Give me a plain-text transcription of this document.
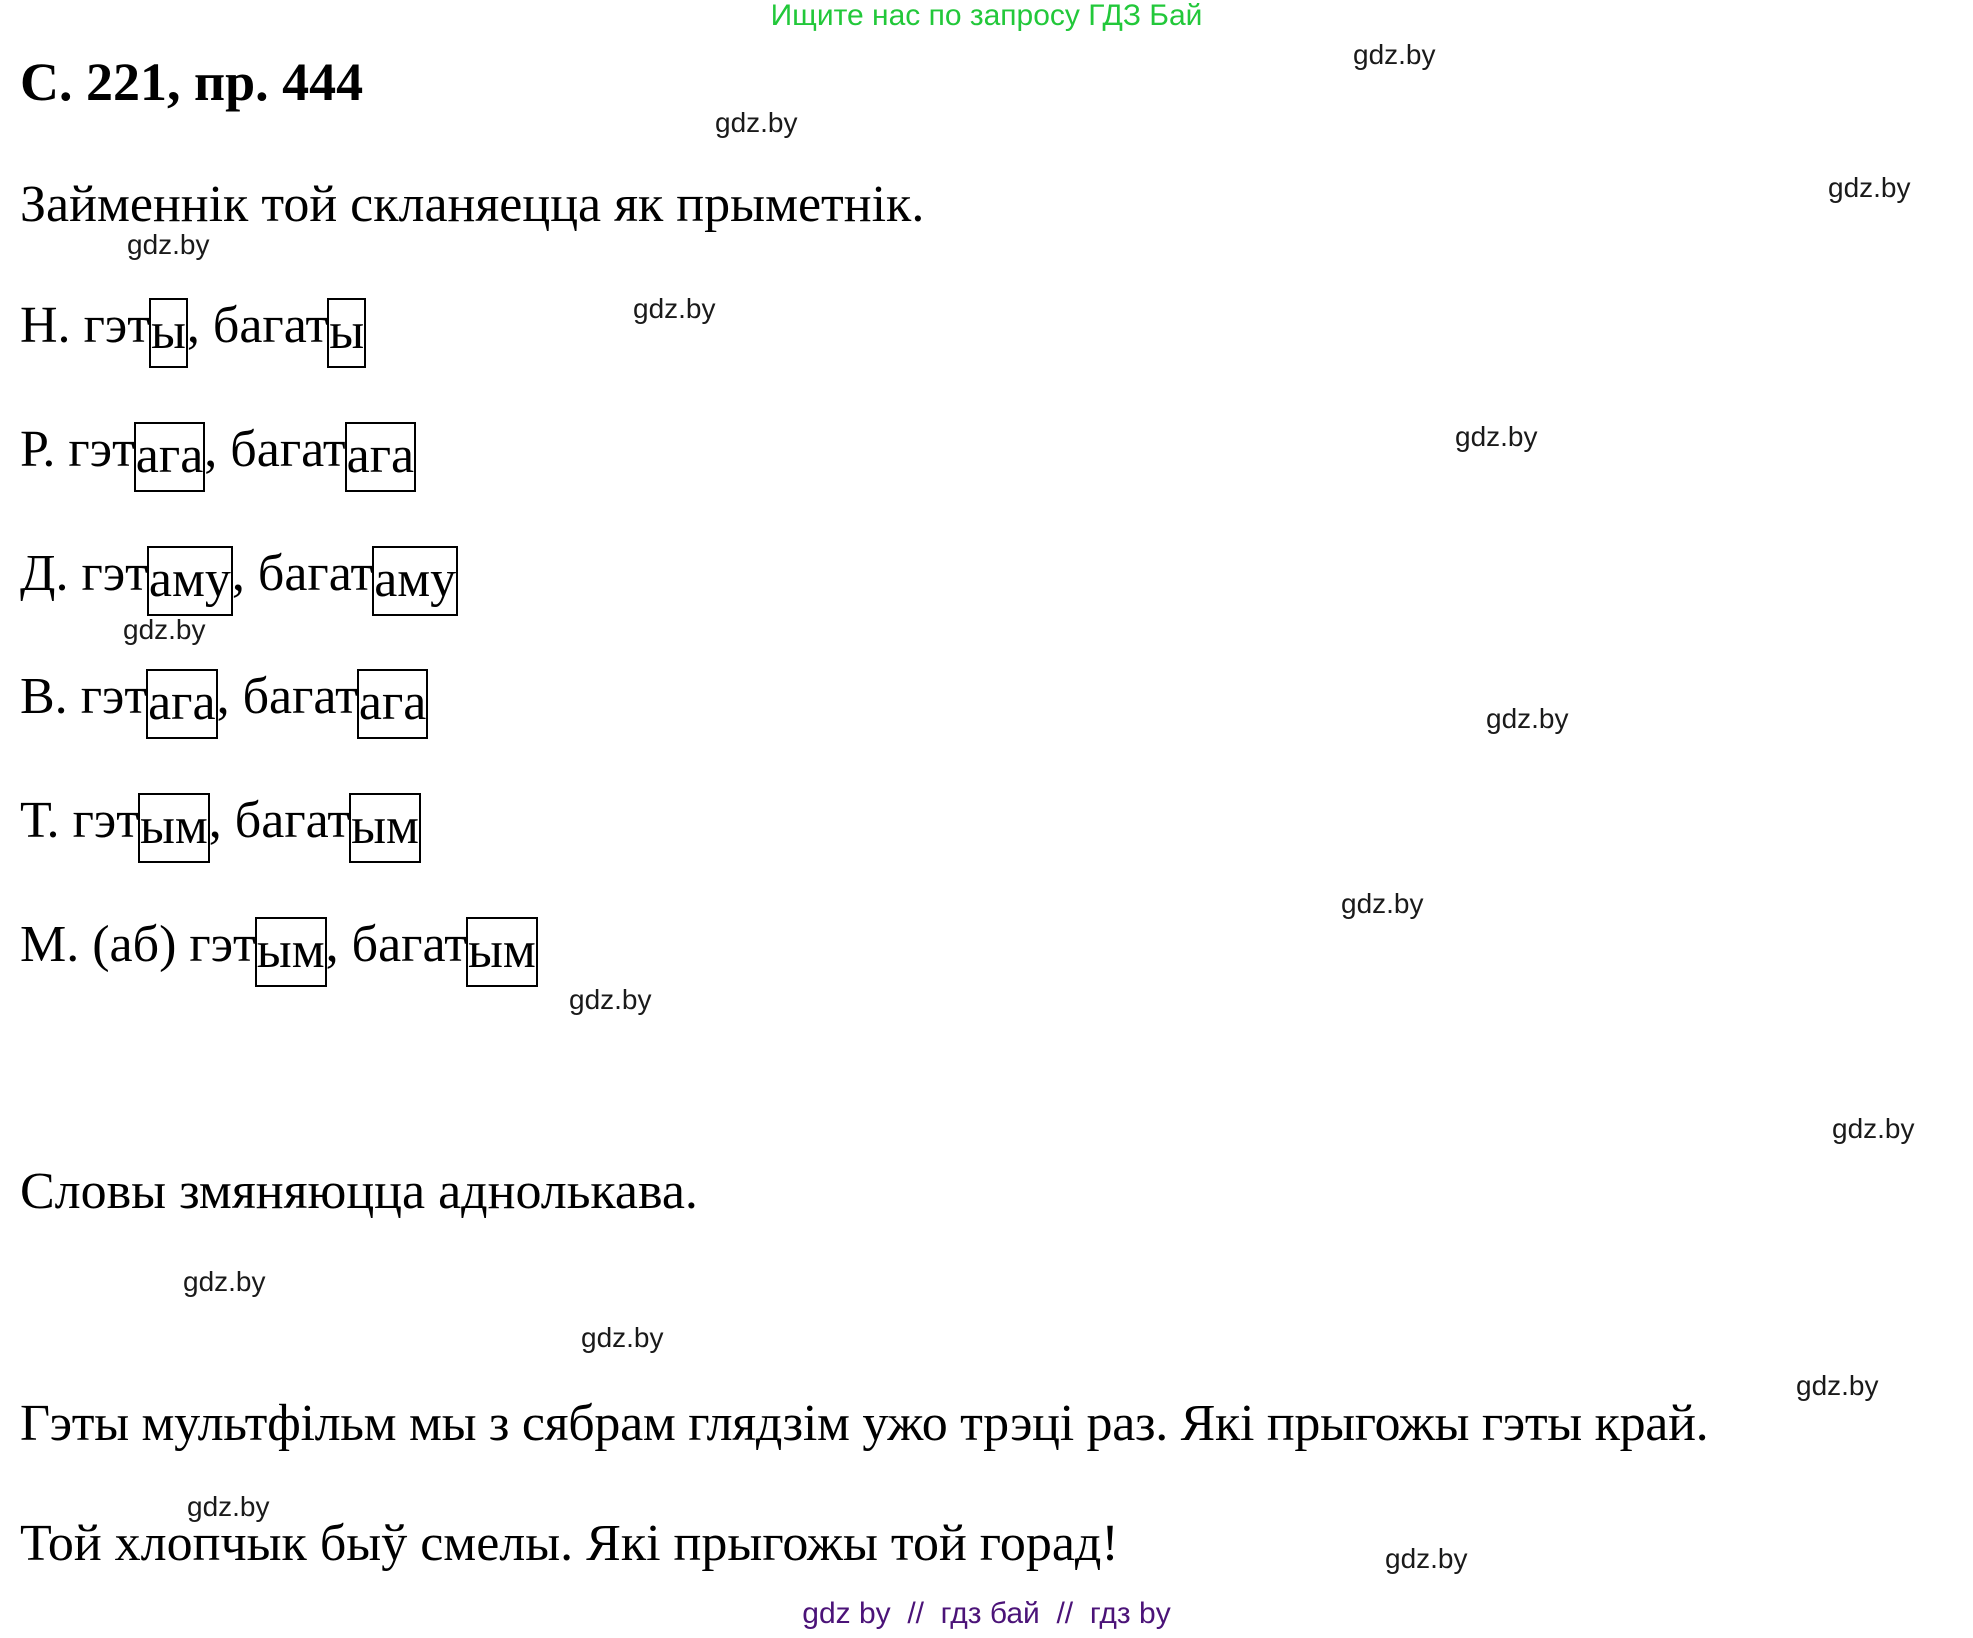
Ищите нас по запросу ГДЗ Бай
С. 221, пр. 444
Займеннік той скланяецца як прыметнік.
Н. гэты, багаты
Р. гэтага, багатага
Д. гэтаму, багатаму
В. гэтага, багатага
Т. гэтым, багатым
М. (аб) гэтым, багатым
Словы змяняюцца аднолькава.
Гэты мультфільм мы з сябрам глядзім ужо трэці раз. Які прыгожы гэты край.
Той хлопчык быў смелы. Які прыгожы той горад!
gdz.by
gdz.by
gdz.by
gdz.by
gdz.by
gdz.by
gdz.by
gdz.by
gdz.by
gdz.by
gdz.by
gdz.by
gdz.by
gdz.by
gdz.by
gdz.by
gdz by  //  гдз бай  //  гдз by
